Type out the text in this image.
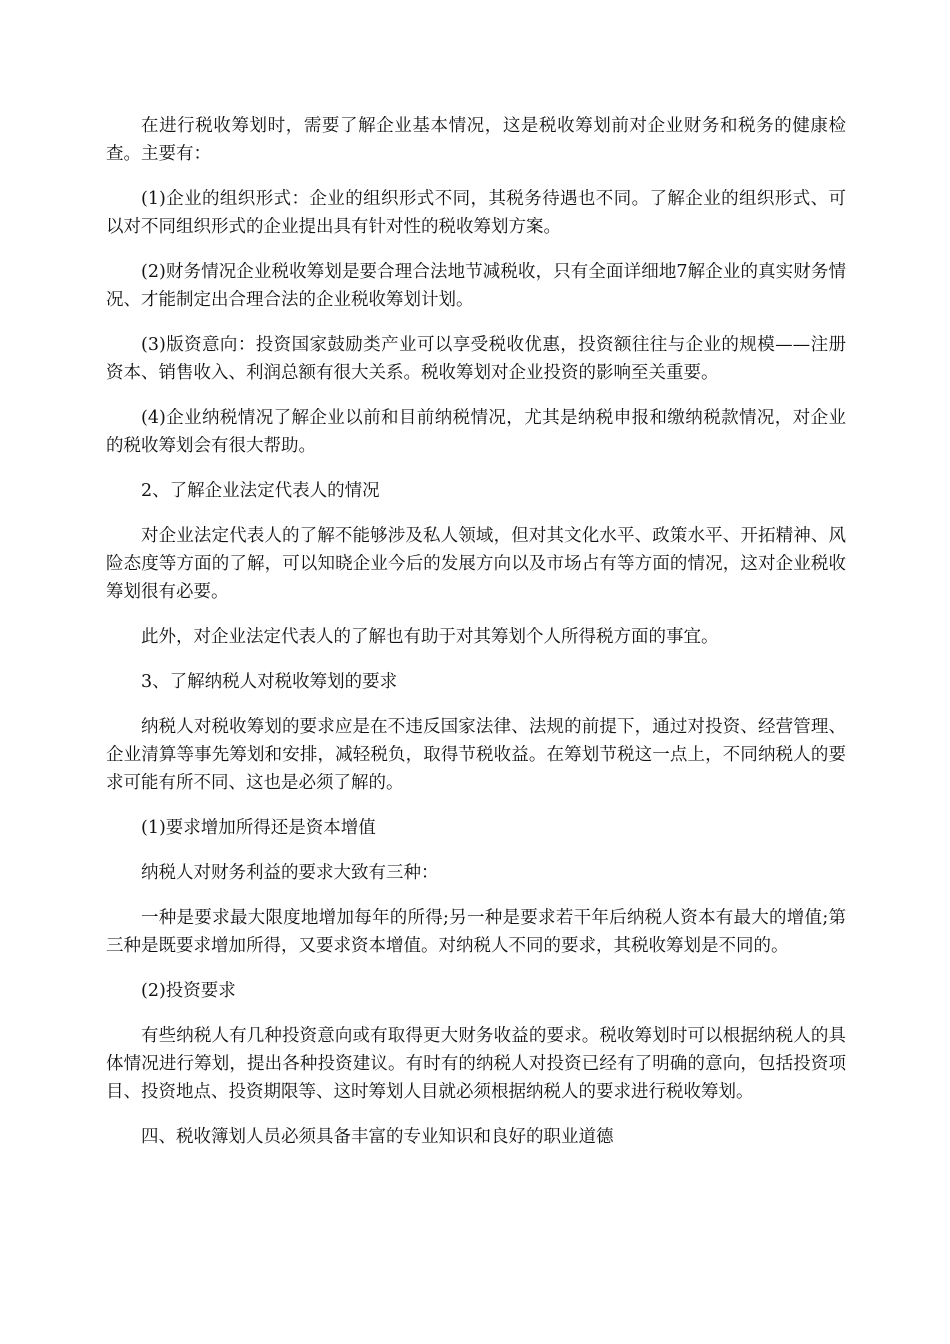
在进行税收筹划时，需要了解企业基本情况，这是税收筹划前对企业财务和税务的健康检查。主要有：

(1)企业的组织形式：企业的组织形式不同，其税务待遇也不同。了解企业的组织形式、可以对不同组织形式的企业提出具有针对性的税收筹划方案。

(2)财务情况企业税收筹划是要合理合法地节减税收，只有全面详细地7解企业的真实财务情况、才能制定出合理合法的企业税收筹划计划。

(3)版资意向：投资国家鼓励类产业可以享受税收优惠，投资额往往与企业的规模——注册资本、销售收入、利润总额有很大关系。税收筹划对企业投资的影响至关重要。

(4)企业纳税情况了解企业以前和目前纳税情况，尤其是纳税申报和缴纳税款情况，对企业的税收筹划会有很大帮助。

2、了解企业法定代表人的情况

对企业法定代表人的了解不能够涉及私人领域，但对其文化水平、政策水平、开拓精神、风险态度等方面的了解，可以知晓企业今后的发展方向以及市场占有等方面的情况，这对企业税收筹划很有必要。

此外，对企业法定代表人的了解也有助于对其筹划个人所得税方面的事宜。

3、了解纳税人对税收筹划的要求

纳税人对税收筹划的要求应是在不违反国家法律、法规的前提下，通过对投资、经营管理、企业清算等事先筹划和安排，减轻税负，取得节税收益。在筹划节税这一点上，不同纳税人的要求可能有所不同、这也是必须了解的。

(1)要求增加所得还是资本增值

纳税人对财务利益的要求大致有三种：

一种是要求最大限度地增加每年的所得;另一种是要求若干年后纳税人资本有最大的增值;第三种是既要求增加所得，又要求资本增值。对纳税人不同的要求，其税收筹划是不同的。

(2)投资要求

有些纳税人有几种投资意向或有取得更大财务收益的要求。税收筹划时可以根据纳税人的具体情况进行筹划，提出各种投资建议。有时有的纳税人对投资已经有了明确的意向，包括投资项目、投资地点、投资期限等、这时筹划人目就必须根据纳税人的要求进行税收筹划。

四、税收簿划人员必须具备丰富的专业知识和良好的职业道德
